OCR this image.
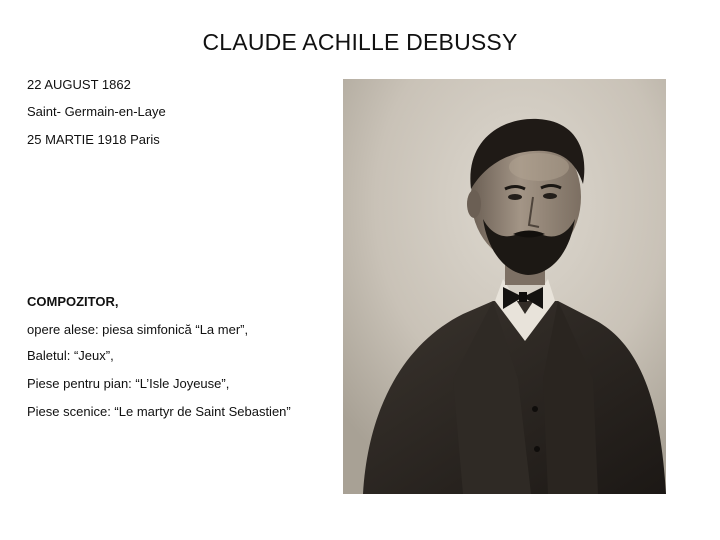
CLAUDE ACHILLE DEBUSSY

22 AUGUST 1862

Saint- Germain-en-Laye

25 MARTIE 1918 Paris

COMPOZITOR,

opere alese: piesa simfonică “La mer”,

Baletul: “Jeux”,

Piese pentru pian: “L’Isle Joyeuse”,

Piese scenice: “Le martyr de Saint Sebastien”
